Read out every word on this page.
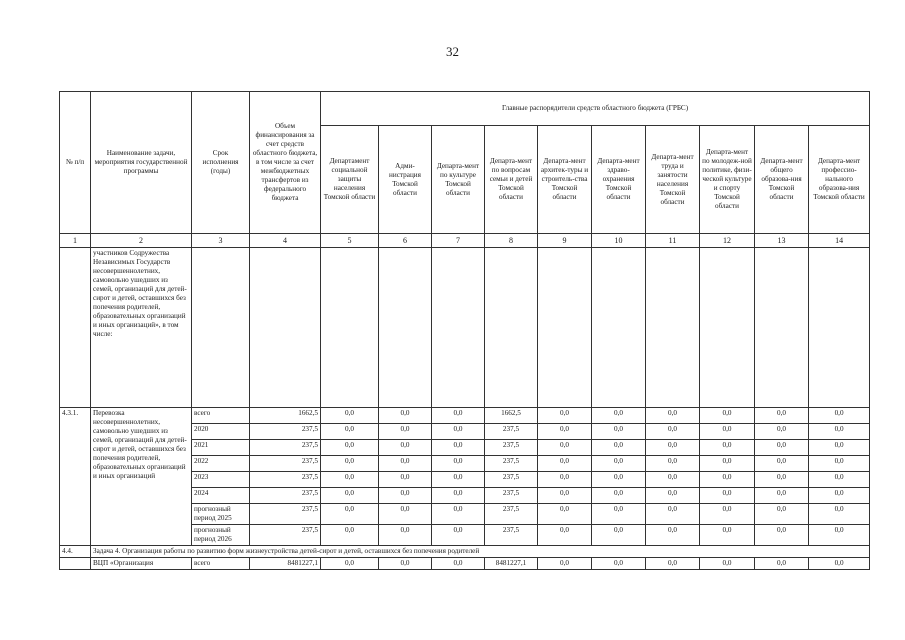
32
№ п/п	Наименование задачи, мероприятия государственной программы	Срок исполнения (годы)	Объем финансирования за счет средств областного бюджета, в том числе за счет межбюджетных трансфертов из федерального бюджета	Главные распорядители средств областного бюджета (ГРБС)									
				Департамент социальной защиты населения Томской области	Адми-нистрация Томской области	Департа-мент по культуре Томской области	Департа-мент по вопросам семьи и детей Томской области	Департа-мент архитек-туры и строитель-ства Томской области	Департа-мент здраво-охранения Томской области	Департа-мент труда и занятости населения Томской области	Департа-мент по молодеж-ной политике, физи-ческой культуре и спорту Томской области	Департа-мент общего образова-ния Томской области	Департа-мент профессио-нального образова-ния Томской области
1	2	3	4	5	6	7	8	9	10	11	12	13	14
	участников Содружества Независимых Государств несовершеннолетних, самовольно ушедших из семей, организаций для детей-сирот и детей, оставшихся без попечения родителей, образовательных организаций и иных организаций», в том числе:												
4.3.1.	Перевозка несовершеннолетних, самовольно ушедших из семей, организаций для детей-сирот и детей, оставшихся без попечения родителей, образовательных организаций и иных организаций	всего	1662,5	0,0	0,0	0,0	1662,5	0,0	0,0	0,0	0,0	0,0	0,0
		2020	237,5	0,0	0,0	0,0	237,5	0,0	0,0	0,0	0,0	0,0	0,0
		2021	237,5	0,0	0,0	0,0	237,5	0,0	0,0	0,0	0,0	0,0	0,0
		2022	237,5	0,0	0,0	0,0	237,5	0,0	0,0	0,0	0,0	0,0	0,0
		2023	237,5	0,0	0,0	0,0	237,5	0,0	0,0	0,0	0,0	0,0	0,0
		2024	237,5	0,0	0,0	0,0	237,5	0,0	0,0	0,0	0,0	0,0	0,0
		прогнозный период 2025	237,5	0,0	0,0	0,0	237,5	0,0	0,0	0,0	0,0	0,0	0,0
		прогнозный период 2026	237,5	0,0	0,0	0,0	237,5	0,0	0,0	0,0	0,0	0,0	0,0
4.4.	Задача 4. Организация работы по развитию форм жизнеустройства детей-сирот и детей, оставшихся без попечения родителей												
	ВЦП «Организация	всего	8481227,1	0,0	0,0	0,0	8481227,1	0,0	0,0	0,0	0,0	0,0	0,0
